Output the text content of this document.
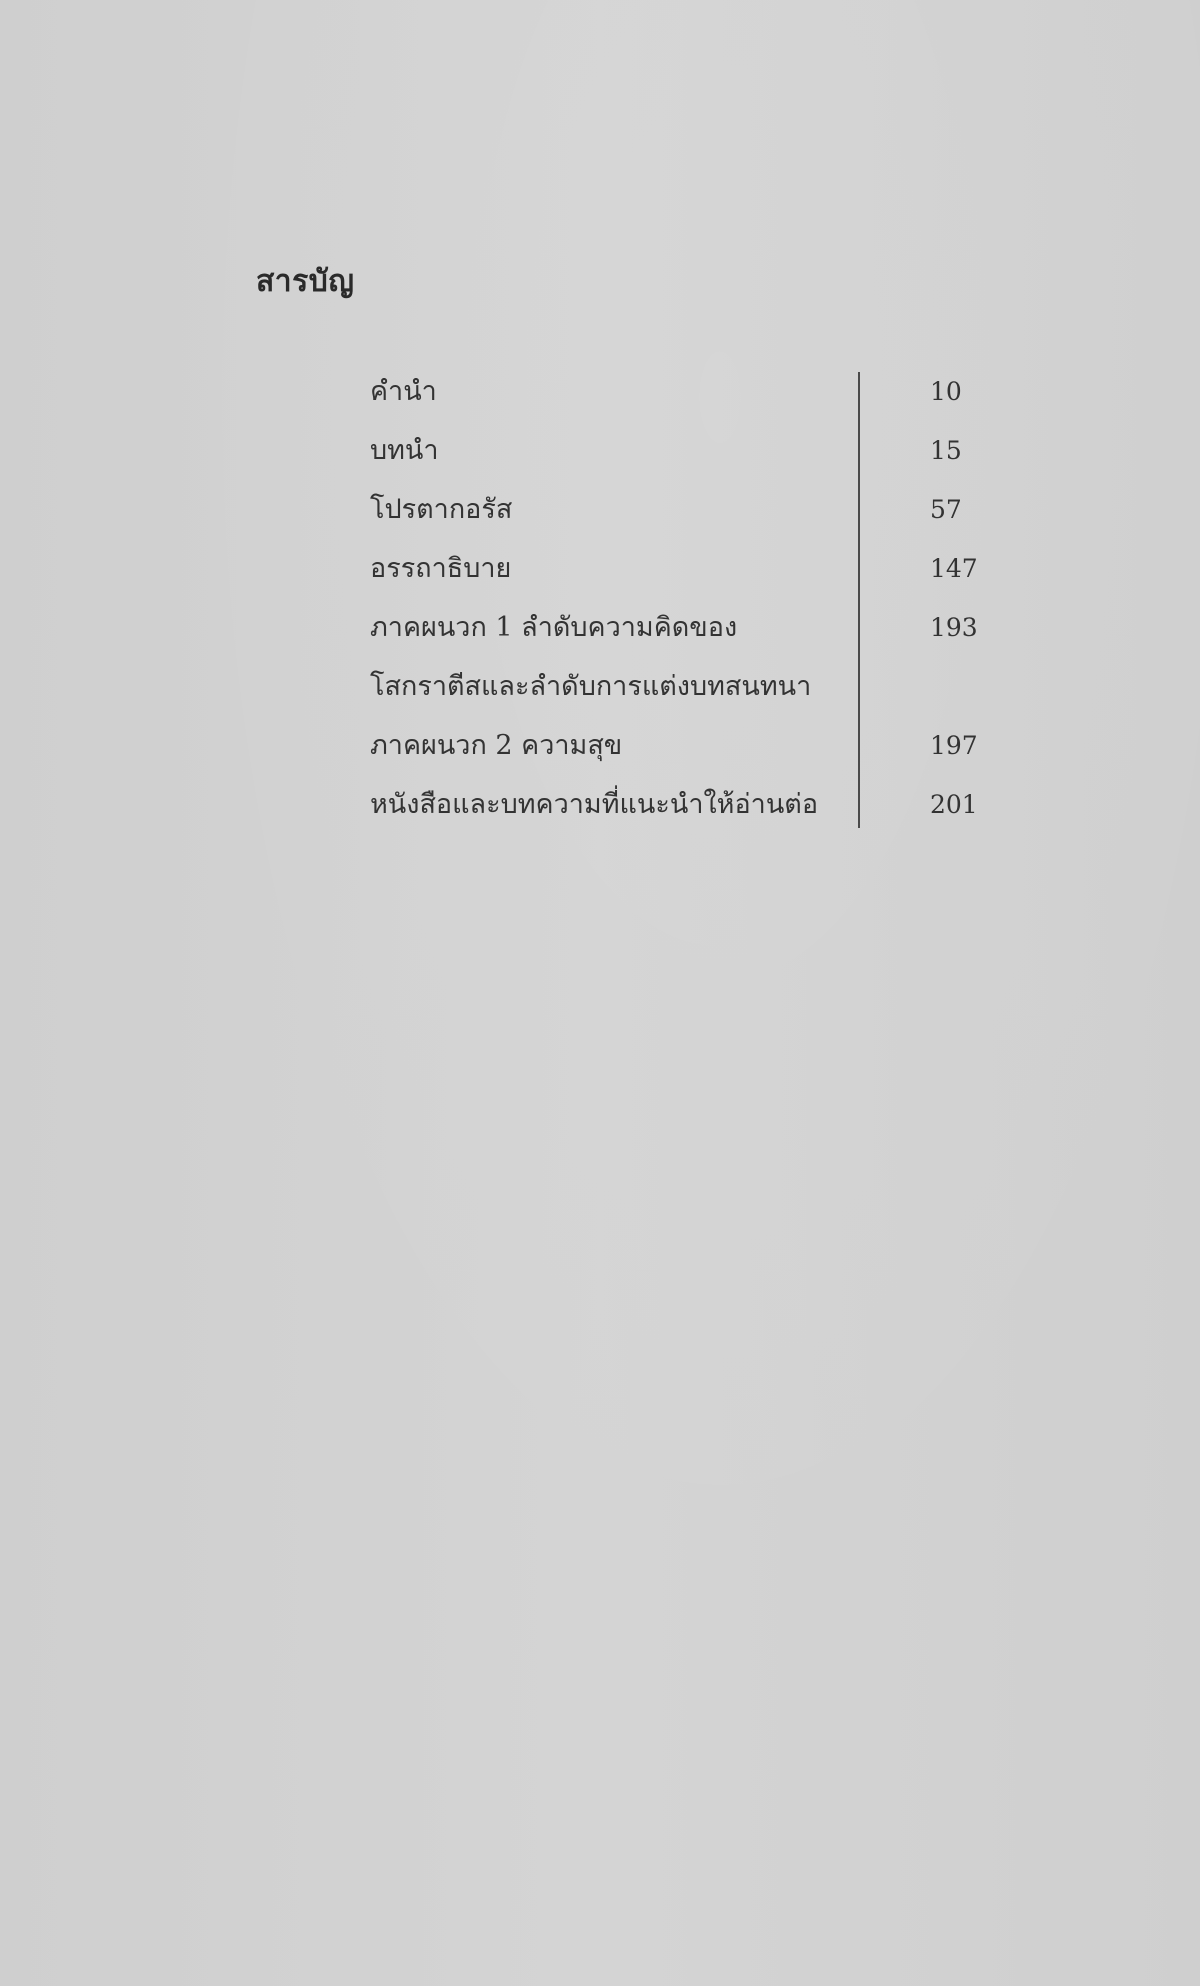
สารบัญ
คำนำ	10
บทนำ	15
โปรตากอรัส	57
อรรถาธิบาย	147
ภาคผนวก 1 ลำดับความคิดของ	193
โสกราตีสและลำดับการแต่งบทสนทนา
ภาคผนวก 2 ความสุข	197
หนังสือและบทความที่แนะนำให้อ่านต่อ	201
